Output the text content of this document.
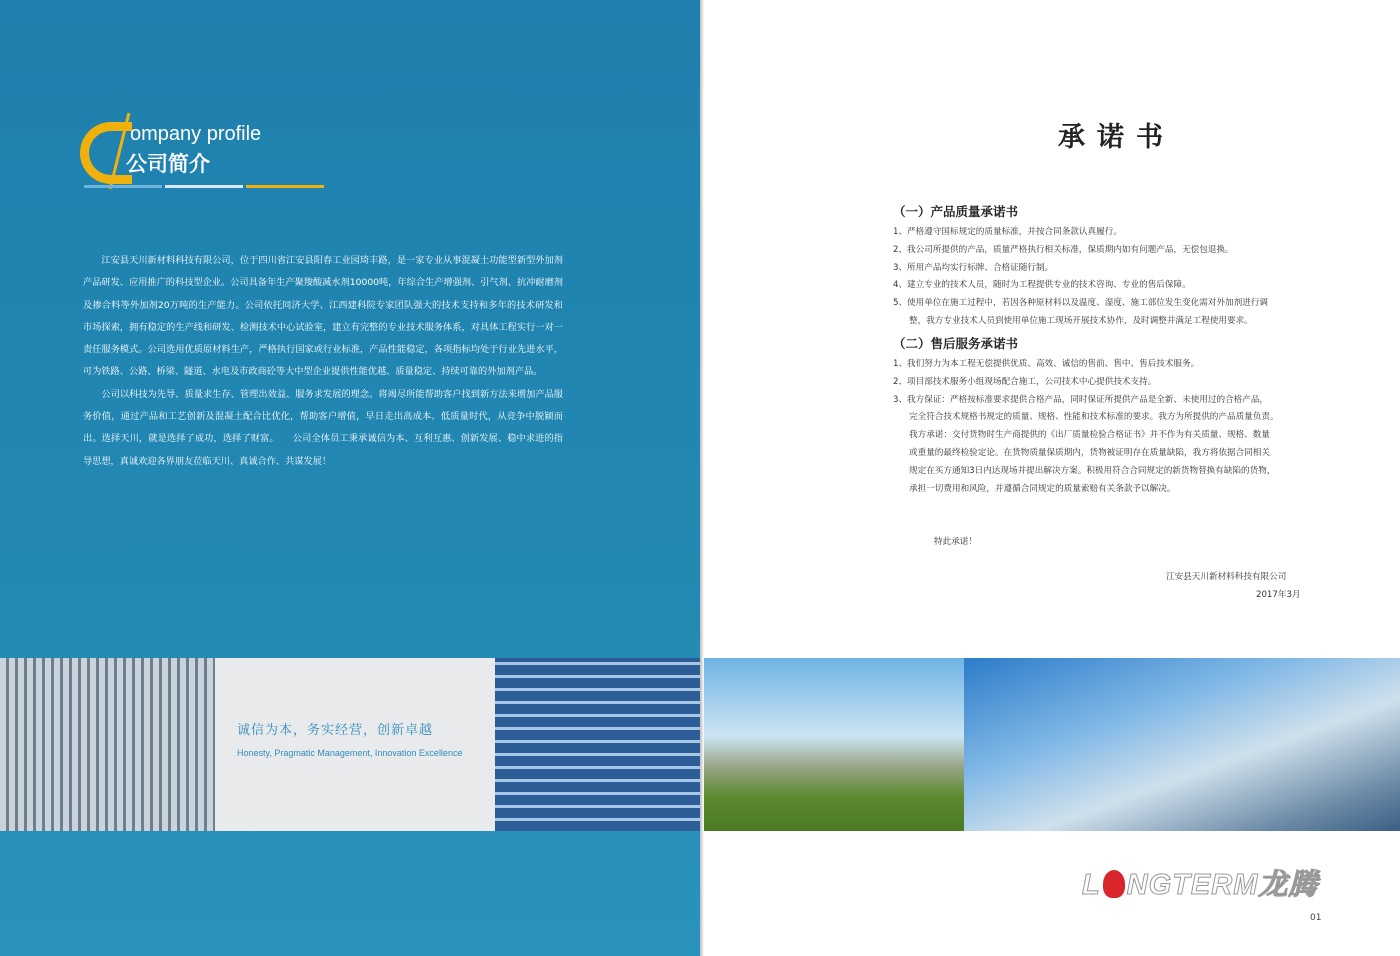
ompany profile
公司简介

江安县天川新材料科技有限公司，位于四川省江安县阳春工业园琦丰路，是一家专业从事混凝土功能型新型外加剂产品研发、应用推广的科技型企业。公司具备年生产聚羧酸减水剂10000吨，年综合生产增强剂、引气剂、抗冲耐磨剂及掺合料等外加剂20万吨的生产能力。公司依托同济大学、江西建科院专家团队强大的技术支持和多年的技术研发和市场探索，拥有稳定的生产线和研发、检测技术中心试验室，建立有完整的专业技术服务体系，对具体工程实行一对一责任服务模式。公司选用优质原材料生产，严格执行国家或行业标准，产品性能稳定，各项指标均处于行业先进水平，可为铁路、公路、桥梁、隧道、水电及市政商砼等大中型企业提供性能优越、质量稳定、持续可靠的外加剂产品。

公司以科技为先导、质量求生存、管理出效益、服务求发展的理念。将竭尽所能帮助客户找到新方法来增加产品服务价值，通过产品和工艺创新及混凝土配合比优化，帮助客户增值，早日走出高成本、低质量时代，从竞争中脱颖而出。选择天川，就是选择了成功，选择了财富。　　公司全体员工秉承诚信为本、互利互惠、创新发展、稳中求进的指导思想，真诚欢迎各界朋友莅临天川、真诚合作、共谋发展！

诚信为本，务实经营，创新卓越
Honesty, Pragmatic Management, Innovation Excellence
承诺书
（一）产品质量承诺书
1、严格遵守国标规定的质量标准，并按合同条款认真履行。
2、我公司所提供的产品，质量严格执行相关标准，保质期内如有问题产品，无偿包退换。
3、所用产品均实行标牌、合格证随行制。
4、建立专业的技术人员，随时为工程提供专业的技术咨询、专业的售后保障。
5、使用单位在施工过程中，若因各种原材料以及温度、湿度、施工部位发生变化需对外加剂进行调
整，我方专业技术人员到使用单位施工现场开展技术协作，及时调整并满足工程使用要求。
（二）售后服务承诺书
1、我们努力为本工程无偿提供优质、高效、诚信的售前、售中、售后技术服务。
2、项目部技术服务小组现场配合施工，公司技术中心提供技术支持。
3、我方保证：严格按标准要求提供合格产品，同时保证所提供产品是全新、未使用过的合格产品，
完全符合技术规格书规定的质量、规格、性能和技术标准的要求。我方为所提供的产品质量负责。
我方承诺：交付货物时生产商提供的《出厂质量检验合格证书》并不作为有关质量、规格、数量
或重量的最终检验定论。在货物质量保质期内，货物被证明存在质量缺陷，我方将依据合同相关
规定在买方通知3日内达现场并提出解决方案。积极用符合合同规定的新货物替换有缺陷的货物，
承担一切费用和风险，并遵循合同规定的质量索赔有关条款予以解决。
特此承诺！
江安县天川新材料科技有限公司
2017年3月
L NGTERM龙腾
01
